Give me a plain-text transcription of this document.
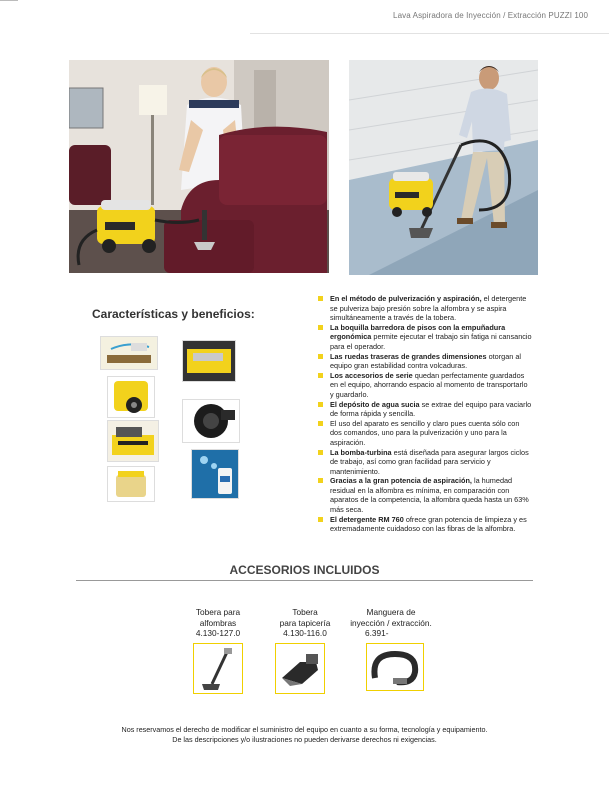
Lava Aspiradora de Inyección / Extracción PUZZI 100
Características y beneficios:
En el método de pulverización y aspiración, el detergente se pulveriza bajo presión sobre la alfombra y se aspira simultáneamente a través de la tobera.
La boquilla barredora de pisos con la empuñadura ergonómica permite ejecutar el trabajo sin fatiga ni cansancio para el operador.
Las ruedas traseras de grandes dimensiones otorgan al equipo gran estabilidad contra volcaduras.
Los accesorios de serie quedan perfectamente guardados en el equipo, ahorrando espacio al momento de transportarlo y guardarlo.
El depósito de agua sucia se extrae del equipo para vaciarlo de forma rápida y sencilla.
El uso del aparato es sencillo y claro pues cuenta sólo con dos comandos, uno para la pulverización y uno para la aspiración.
La bomba-turbina está diseñada para asegurar largos ciclos de trabajo, así como gran facilidad para servicio y mantenimiento.
Gracias a la gran potencia de aspiración, la humedad residual en la alfombra es mínima, en comparación con aparatos de la competencia, la alfombra queda hasta un 63% más seca.
El detergente RM 760 ofrece gran potencia de limpieza y es extremadamente cuidadoso con las fibras de la alfombra.
ACCESORIOS INCLUIDOS
Tobera para
alfombras
4.130-127.0
Tobera
para tapicería
4.130-116.0
Manguera de
inyección / extracción.
6.391-
Nos reservamos el derecho de modificar el suministro del equipo en cuanto a su forma, tecnología y equipamiento.
De las descripciones y/o ilustraciones no pueden derivarse derechos ni exigencias.
